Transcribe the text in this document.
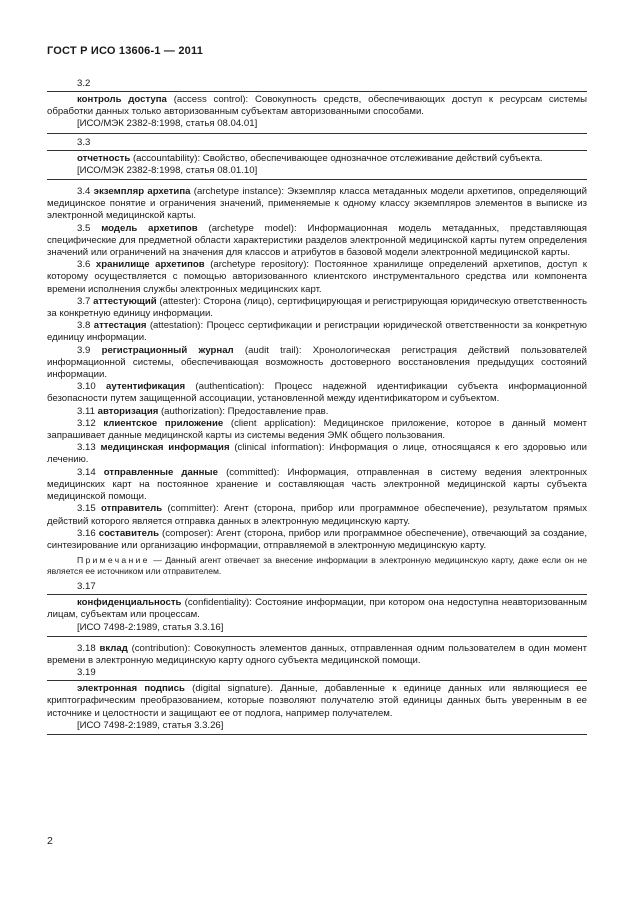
ГОСТ Р ИСО 13606-1 — 2011

3.2

контроль доступа (access control): Совокупность средств, обеспечивающих доступ к ресурсам системы обработки данных только авторизованным субъектам авторизованными способами.

[ИСО/МЭК 2382-8:1998, статья 08.04.01]

3.3

отчетность (accountability): Свойство, обеспечивающее однозначное отслеживание действий субъекта.

[ИСО/МЭК 2382-8:1998, статья 08.01.10]

3.4 экземпляр архетипа (archetype instance): Экземпляр класса метаданных модели архетипов, определяющий медицинское понятие и ограничения значений, применяемые к одному классу экземпляров элементов в выписке из электронной медицинской карты.

3.5 модель архетипов (archetype model): Информационная модель метаданных, представляющая специфические для предметной области характеристики разделов электронной медицинской карты путем определения значений или ограничений на значения для классов и атрибутов в базовой модели электронной медицинской карты.

3.6 хранилище архетипов (archetype repository): Постоянное хранилище определений архетипов, доступ к которому осуществляется с помощью авторизованного клиентского инструментального средства или компонента времени исполнения службы электронных медицинских карт.

3.7 аттестующий (attester): Сторона (лицо), сертифицирующая и регистрирующая юридическую ответственность за конкретную единицу информации.

3.8 аттестация (attestation): Процесс сертификации и регистрации юридической ответственности за конкретную единицу информации.

3.9 регистрационный журнал (audit trail): Хронологическая регистрация действий пользователей информационной системы, обеспечивающая возможность достоверного восстановления предыдущих состояний информации.

3.10 аутентификация (authentication): Процесс надежной идентификации субъекта информационной безопасности путем защищенной ассоциации, установленной между идентификатором и субъектом.

3.11 авторизация (authorization): Предоставление прав.

3.12 клиентское приложение (client application): Медицинское приложение, которое в данный момент запрашивает данные медицинской карты из системы ведения ЭМК общего пользования.

3.13 медицинская информация (clinical information): Информация о лице, относящаяся к его здоровью или лечению.

3.14 отправленные данные (committed): Информация, отправленная в систему ведения электронных медицинских карт на постоянное хранение и составляющая часть электронной медицинской карты субъекта медицинской помощи.

3.15 отправитель (committer): Агент (сторона, прибор или программное обеспечение), результатом прямых действий которого является отправка данных в электронную медицинскую карту.

3.16 составитель (composer): Агент (сторона, прибор или программное обеспечение), отвечающий за создание, синтезирование или организацию информации, отправляемой в электронную медицинскую карту.

Примечание — Данный агент отвечает за внесение информации в электронную медицинскую карту, даже если он не является ее источником или отправителем.

3.17

конфиденциальность (confidentiality): Состояние информации, при котором она недоступна неавторизованным лицам, субъектам или процессам.

[ИСО 7498-2:1989, статья 3.3.16]

3.18 вклад (contribution): Совокупность элементов данных, отправленная одним пользователем в один момент времени в электронную медицинскую карту одного субъекта медицинской помощи.

3.19

электронная подпись (digital signature). Данные, добавленные к единице данных или являющиеся ее криптографическим преобразованием, которые позволяют получателю этой единицы данных быть уверенным в ее источнике и целостности и защищают ее от подлога, например получателем.

[ИСО 7498-2:1989, статья 3.3.26]

2
